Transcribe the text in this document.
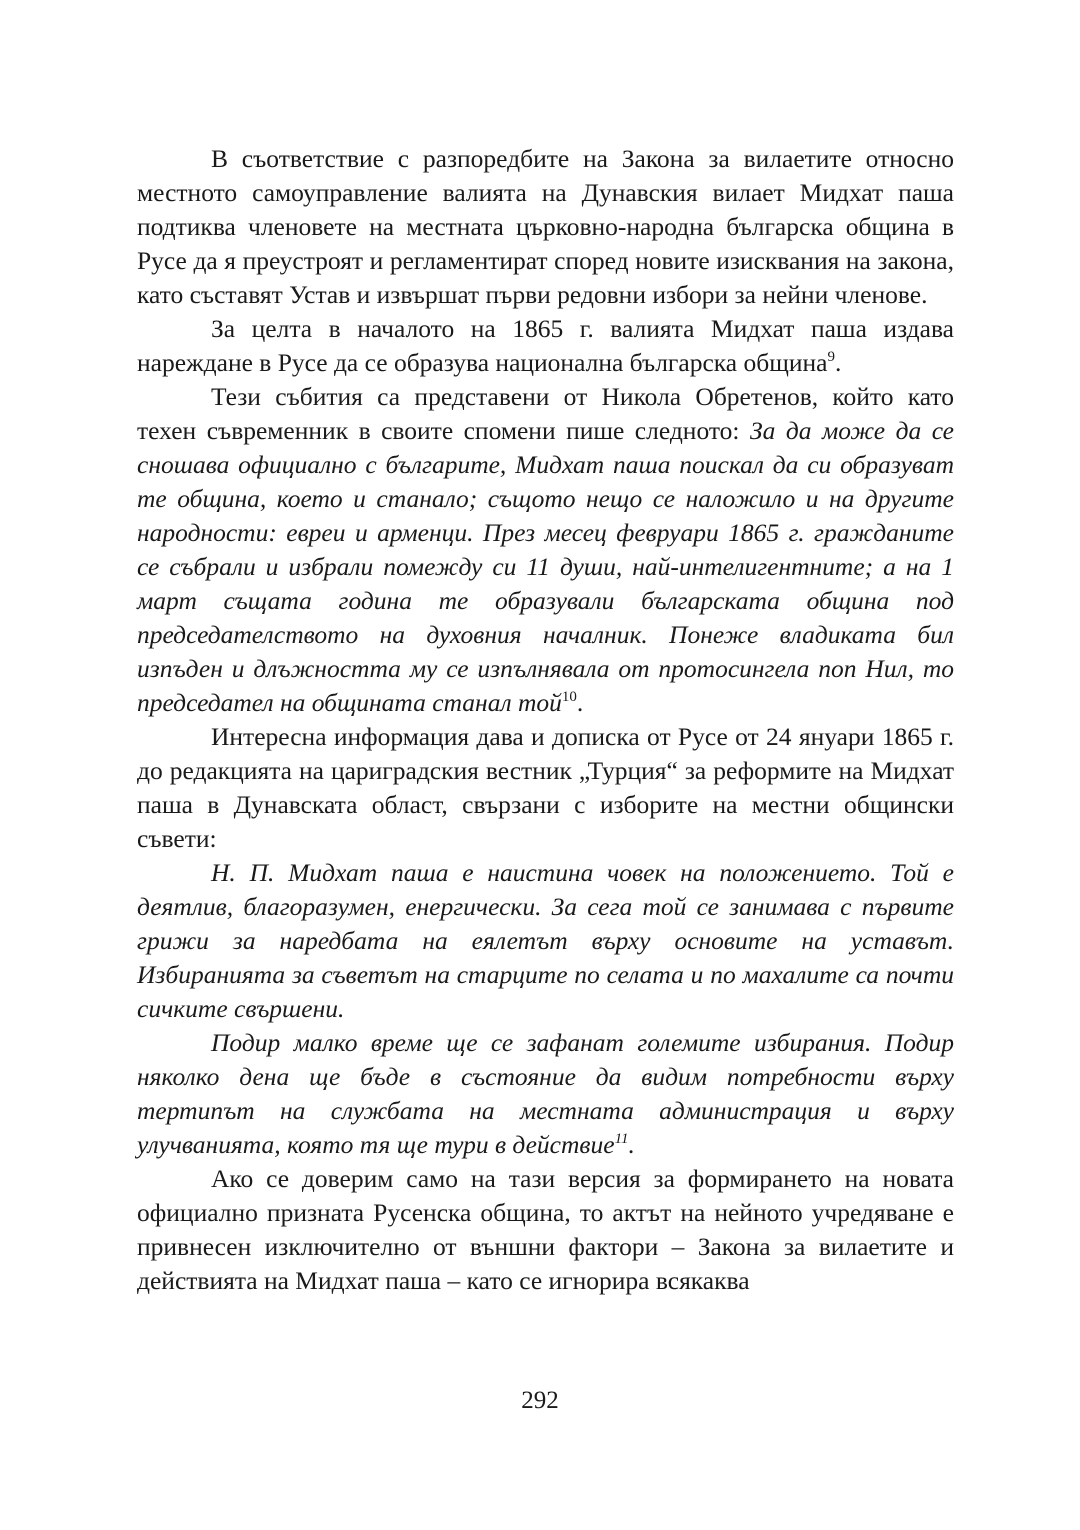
В съответствие с разпоредбите на Закона за вилаетите относно местното самоуправление валията на Дунавския вилает Мидхат паша подтиква членовете на местната църковно-народна българска община в Русе да я преустроят и регламентират според новите изисквания на закона, като съставят Устав и извършат първи редовни избори за нейни членове.

За целта в началото на 1865 г. валията Мидхат паша издава нареждане в Русе да се образува национална българска община$^9$.

Тези събития са представени от Никола Обретенов, който като техен съвременник в своите спомени пише следното: За да може да се сношава официално с българите, Мидхат паша поискал да си образуват те община, което и станало; същото нещо се наложило и на другите народности: евреи и арменци. През месец февруари 1865 г. гражданите се събрали и избрали помежду си 11 души, най-интелигентните; а на 1 март същата година те образували българската община под председателството на духовния началник. Понеже владиката бил изпъден и длъжността му се изпълнявала от протосингела поп Нил, то председател на общината станал той$^{10}$.

Интересна информация дава и дописка от Русе от 24 януари 1865 г. до редакцията на цариградския вестник „Турция“ за реформите на Мидхат паша в Дунавската област, свързани с изборите на местни общински съвети:

Н. П. Мидхат паша е наистина човек на положението. Той е деятлив, благоразумен, енергически. За сега той се занимава с първите грижи за наредбата на еялетът върху основите на уставът. Избиранията за съветът на старците по селата и по махалите са почти сичките свършени.

Подир малко време ще се зафанат големите избирания. Подир няколко дена ще бъде в състояние да видим потребности върху тертипът на службата на местната администрация и върху улучванията, която тя ще тури в действие$^{11}$.

Ако се доверим само на тази версия за формирането на новата официално призната Русенска община, то актът на нейното учредяване е привнесен изключително от външни фактори – Закона за вилаетите и действията на Мидхат паша – като се игнорира всякаква

292
